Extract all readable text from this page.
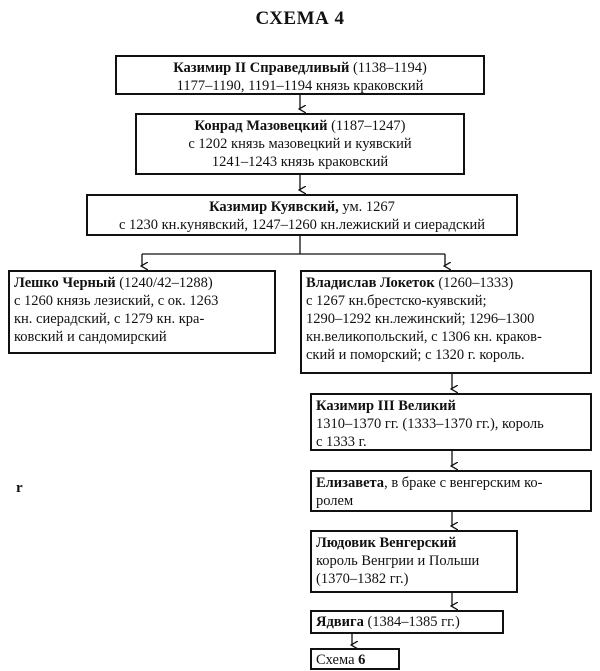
СХЕМА 4
Казимир II Справедливый (1138–1194)
1177–1190, 1191–1194 князь краковский
Конрад Мазовецкий (1187–1247)
с 1202 князь мазовецкий и куявский
1241–1243 князь краковский
Казимир Куявский, ум. 1267
с 1230 кн.кунявский, 1247–1260 кн.лежиский и сиерадский
Лешко Черный (1240/42–1288)
с 1260 князь лезиский, с ок. 1263
кн. сиерадский, с 1279 кн. кра-
ковский и сандомирский
Владислав Локеток (1260–1333)
с 1267 кн.брестско-куявский;
1290–1292 кн.лежинский; 1296–1300
кн.великопольский, с 1306 кн. краков-
ский и поморский; с 1320 г. король.
Казимир III Великий
1310–1370 гг. (1333–1370 гг.), король
с 1333 г.
Елизавета, в браке с венгерским ко-
ролем
Людовик Венгерский
король Венгрии и Польши
(1370–1382 гг.)
Ядвига (1384–1385 гг.)
Схема 6
r
